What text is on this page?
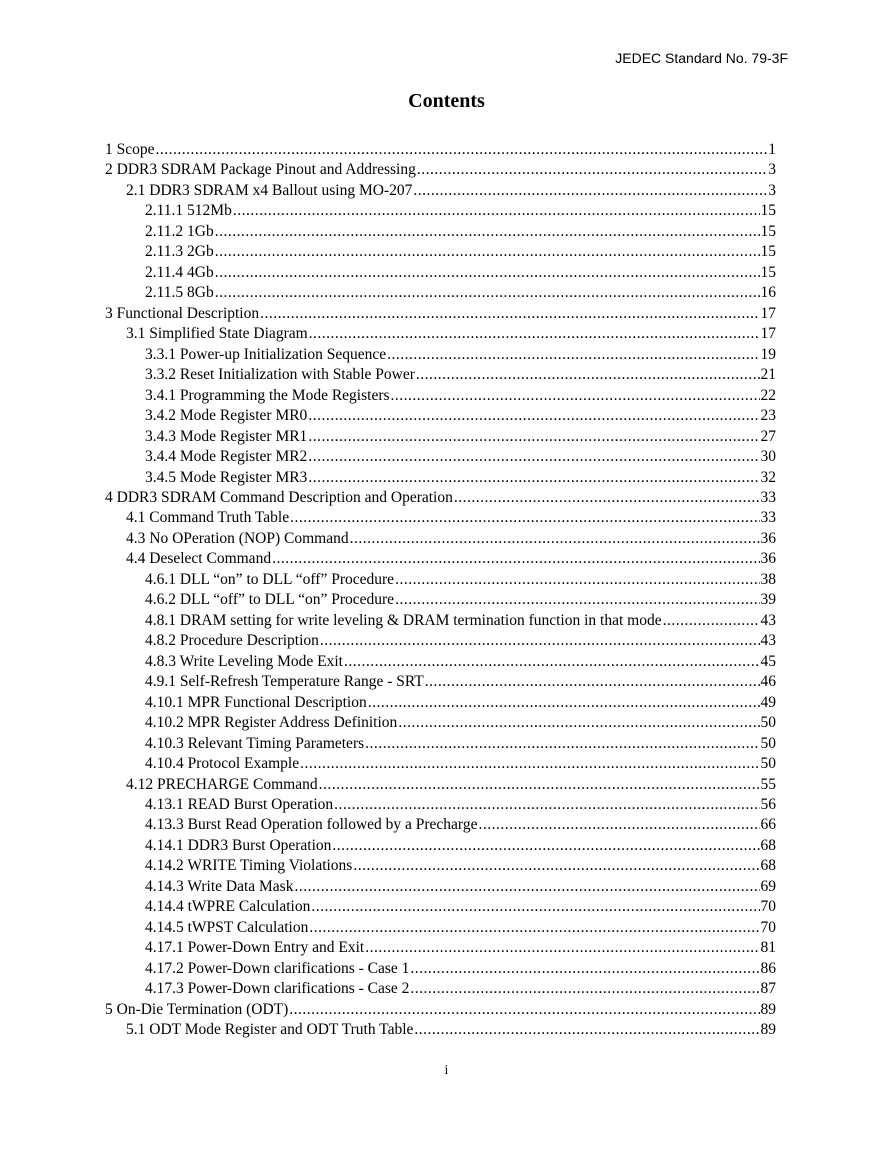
JEDEC Standard No. 79-3F
Contents
1 Scope .....	1
2 DDR3 SDRAM Package Pinout and Addressing .....	3
2.1 DDR3 SDRAM x4 Ballout using MO-207 .....	3
2.11.1 512Mb .....	15
2.11.2 1Gb .....	15
2.11.3 2Gb .....	15
2.11.4 4Gb .....	15
2.11.5 8Gb .....	16
3 Functional Description .....	17
3.1 Simplified State Diagram .....	17
3.3.1 Power-up Initialization Sequence .....	19
3.3.2 Reset Initialization with Stable Power .....	21
3.4.1 Programming the Mode Registers .....	22
3.4.2 Mode Register MR0 .....	23
3.4.3 Mode Register MR1 .....	27
3.4.4 Mode Register MR2 .....	30
3.4.5 Mode Register MR3 .....	32
4 DDR3 SDRAM Command Description and Operation .....	33
4.1 Command Truth Table .....	33
4.3 No OPeration (NOP) Command .....	36
4.4 Deselect Command .....	36
4.6.1 DLL “on” to DLL “off” Procedure .....	38
4.6.2 DLL “off” to DLL “on” Procedure .....	39
4.8.1 DRAM setting for write leveling & DRAM termination function in that mode .....	43
4.8.2 Procedure Description .....	43
4.8.3 Write Leveling Mode Exit .....	45
4.9.1 Self-Refresh Temperature Range - SRT .....	46
4.10.1 MPR Functional Description .....	49
4.10.2 MPR Register Address Definition .....	50
4.10.3 Relevant Timing Parameters .....	50
4.10.4 Protocol Example .....	50
4.12 PRECHARGE Command .....	55
4.13.1 READ Burst Operation .....	56
4.13.3 Burst Read Operation followed by a Precharge .....	66
4.14.1 DDR3 Burst Operation .....	68
4.14.2 WRITE Timing Violations .....	68
4.14.3 Write Data Mask .....	69
4.14.4 tWPRE Calculation .....	70
4.14.5 tWPST Calculation .....	70
4.17.1 Power-Down Entry and Exit .....	81
4.17.2 Power-Down clarifications - Case 1 .....	86
4.17.3 Power-Down clarifications - Case 2 .....	87
5 On-Die Termination (ODT) .....	89
5.1 ODT Mode Register and ODT Truth Table .....	89
i
